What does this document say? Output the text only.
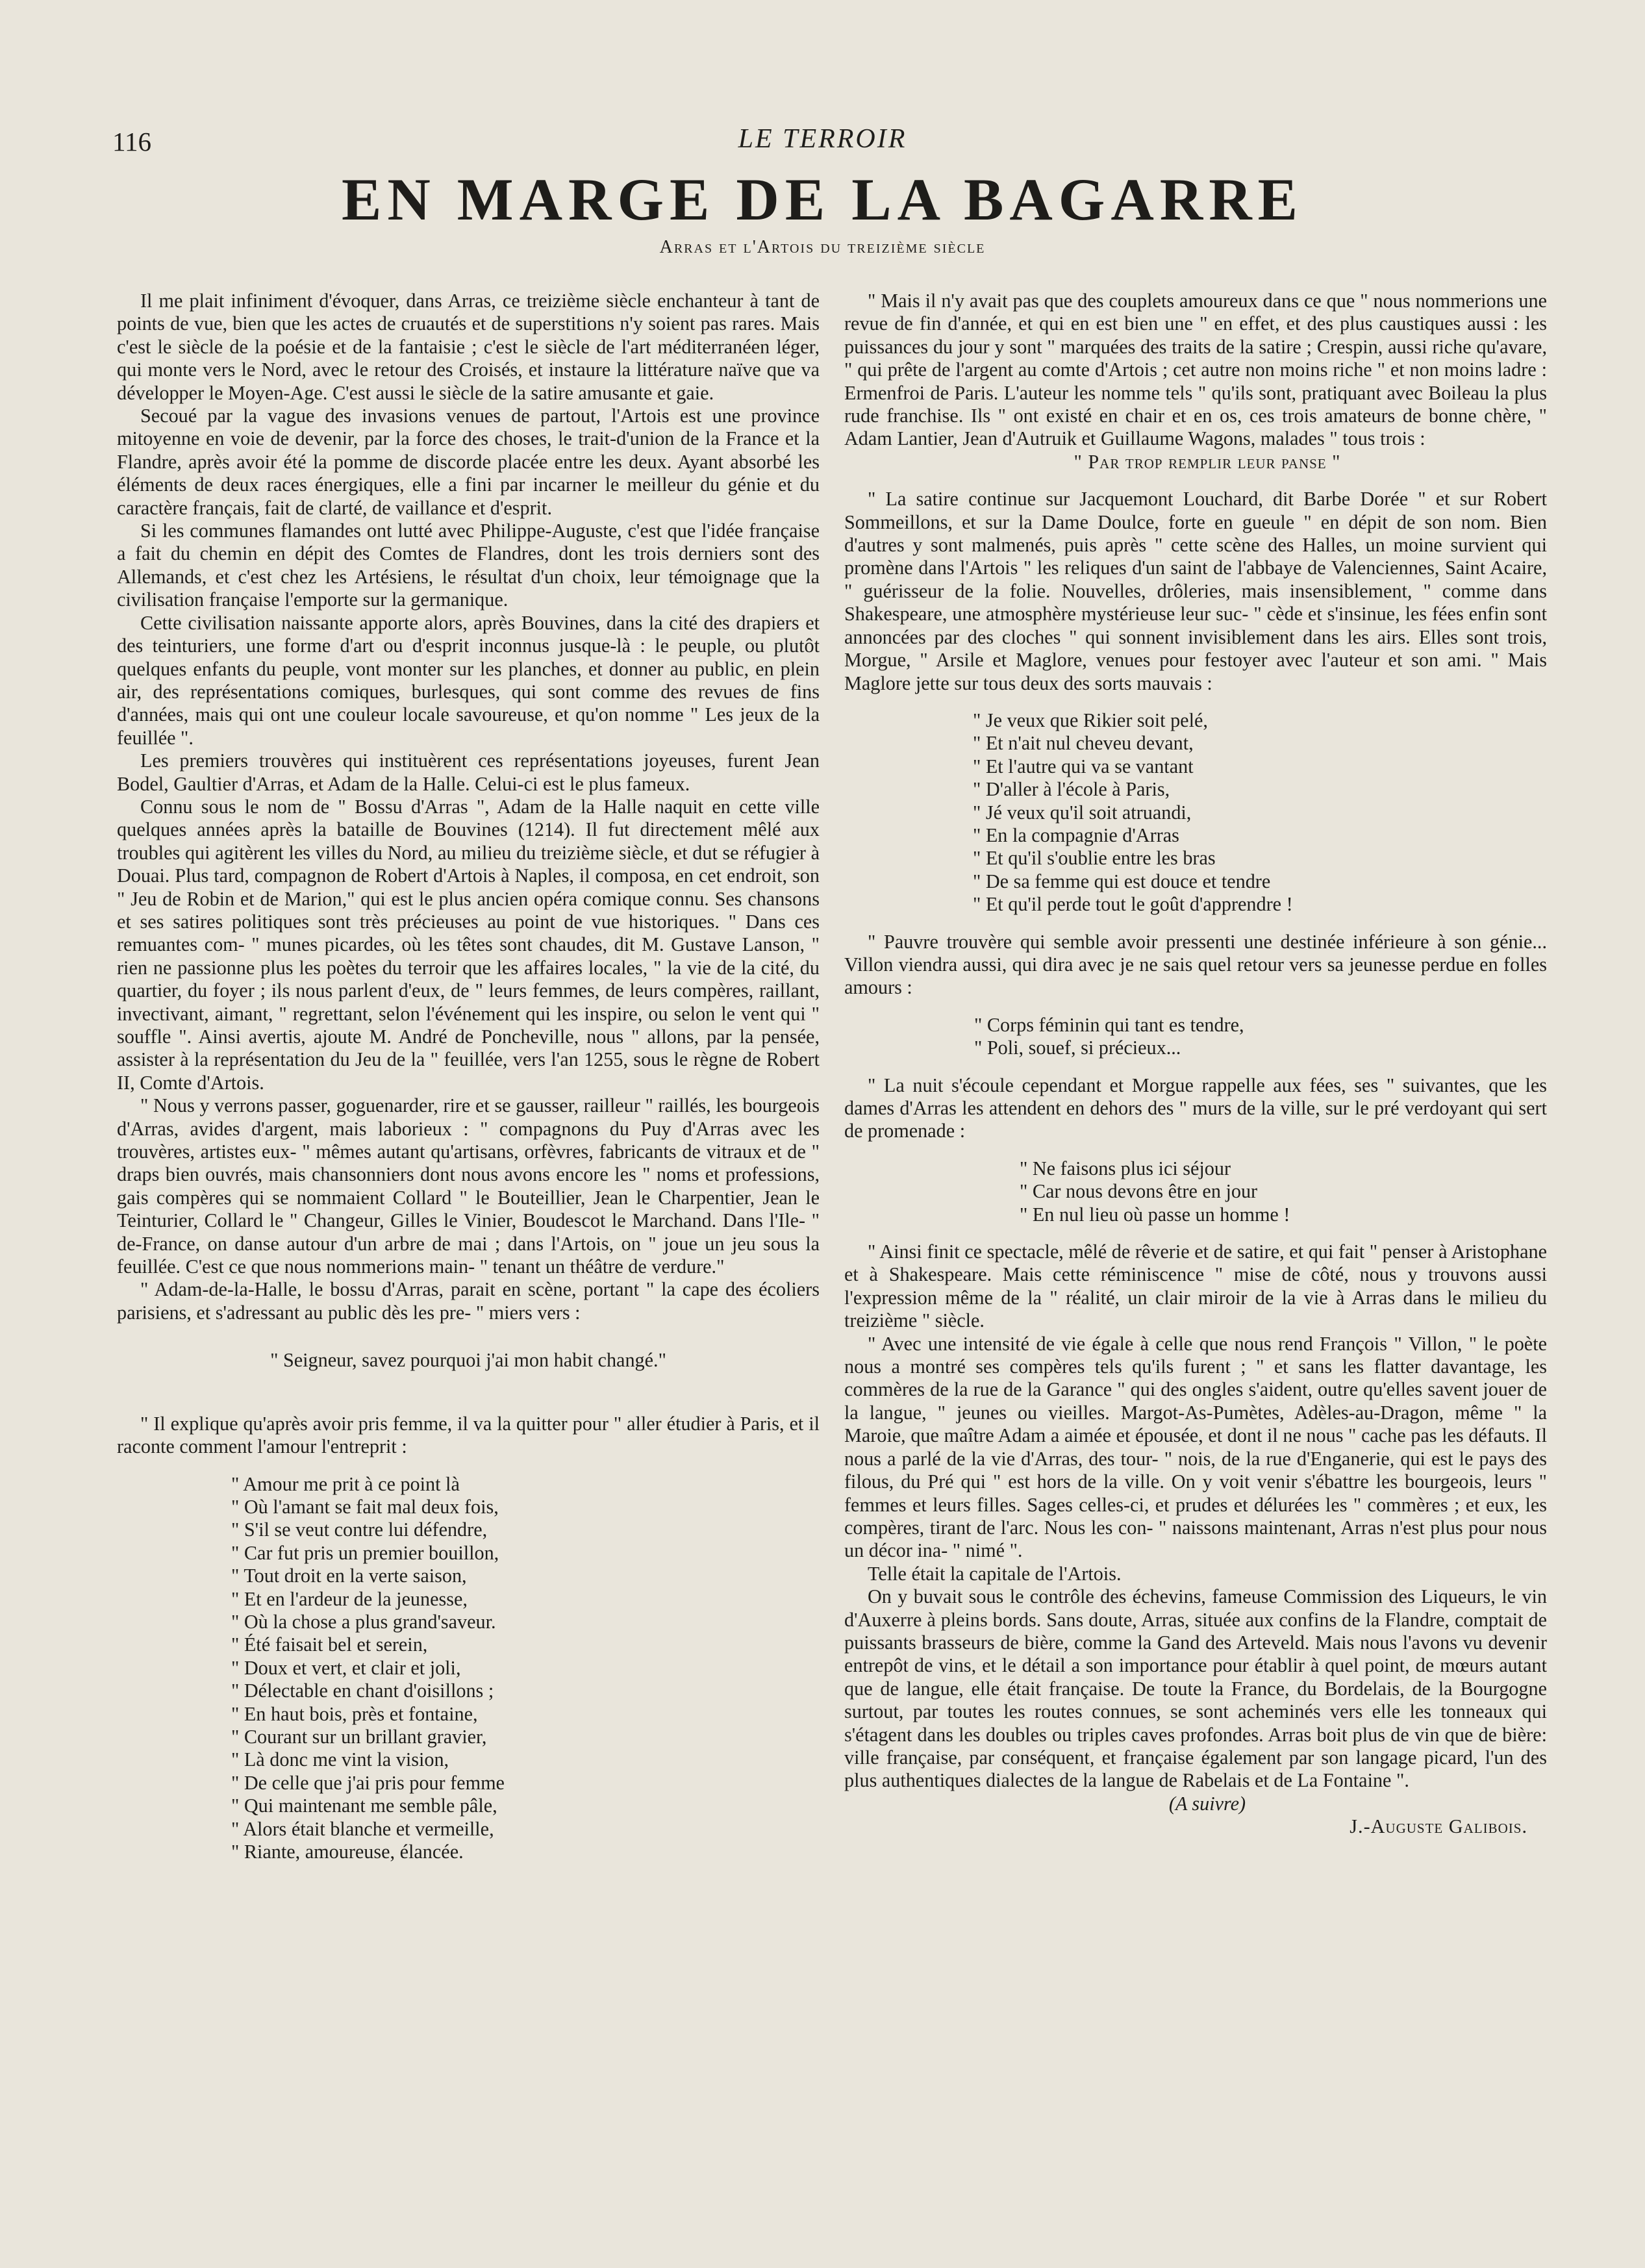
116	LE TERROIR
EN MARGE DE LA BAGARRE
Arras et l'Artois du treizième siècle

Il me plait infiniment d'évoquer, dans Arras, ce treizième siècle enchanteur à tant de points de vue, bien que les actes de cruautés et de superstitions n'y soient pas rares. Mais c'est le siècle de la poésie et de la fantaisie ; c'est le siècle de l'art méditerranéen léger, qui monte vers le Nord, avec le retour des Croisés, et instaure la littérature naïve que va développer le Moyen-Age. C'est aussi le siècle de la satire amusante et gaie.

Secoué par la vague des invasions venues de partout, l'Artois est une province mitoyenne en voie de devenir, par la force des choses, le trait-d'union de la France et la Flandre, après avoir été la pomme de discorde placée entre les deux. Ayant absorbé les éléments de deux races énergiques, elle a fini par incarner le meilleur du génie et du caractère français, fait de clarté, de vaillance et d'esprit.

Si les communes flamandes ont lutté avec Philippe-Auguste, c'est que l'idée française a fait du chemin en dépit des Comtes de Flandres, dont les trois derniers sont des Allemands, et c'est chez les Artésiens, le résultat d'un choix, leur témoignage que la civilisation française l'emporte sur la germanique.

Cette civilisation naissante apporte alors, après Bouvines, dans la cité des drapiers et des teinturiers, une forme d'art ou d'esprit inconnus jusque-là : le peuple, ou plutôt quelques enfants du peuple, vont monter sur les planches, et donner au public, en plein air, des représentations comiques, burlesques, qui sont comme des revues de fins d'années, mais qui ont une couleur locale savoureuse, et qu'on nomme " Les jeux de la feuillée ".

Les premiers trouvères qui instituèrent ces représentations joyeuses, furent Jean Bodel, Gaultier d'Arras, et Adam de la Halle. Celui-ci est le plus fameux.

Connu sous le nom de " Bossu d'Arras ", Adam de la Halle naquit en cette ville quelques années après la bataille de Bouvines (1214). Il fut directement mêlé aux troubles qui agitèrent les villes du Nord, au milieu du treizième siècle, et dut se réfugier à Douai. Plus tard, compagnon de Robert d'Artois à Naples, il composa, en cet endroit, son " Jeu de Robin et de Marion," qui est le plus ancien opéra comique connu. Ses chansons et ses satires politiques sont très précieuses au point de vue historiques. " Dans ces remuantes com- " munes picardes, où les têtes sont chaudes, dit M. Gustave Lanson, " rien ne passionne plus les poètes du terroir que les affaires locales, " la vie de la cité, du quartier, du foyer ; ils nous parlent d'eux, de " leurs femmes, de leurs compères, raillant, invectivant, aimant, " regrettant, selon l'événement qui les inspire, ou selon le vent qui " souffle ". Ainsi avertis, ajoute M. André de Poncheville, nous " allons, par la pensée, assister à la représentation du Jeu de la " feuillée, vers l'an 1255, sous le règne de Robert II, Comte d'Artois.

" Nous y verrons passer, goguenarder, rire et se gausser, railleur " raillés, les bourgeois d'Arras, avides d'argent, mais laborieux : " compagnons du Puy d'Arras avec les trouvères, artistes eux- " mêmes autant qu'artisans, orfèvres, fabricants de vitraux et de " draps bien ouvrés, mais chansonniers dont nous avons encore les " noms et professions, gais compères qui se nommaient Collard " le Bouteillier, Jean le Charpentier, Jean le Teinturier, Collard le " Changeur, Gilles le Vinier, Boudescot le Marchand. Dans l'Ile- " de-France, on danse autour d'un arbre de mai ; dans l'Artois, on " joue un jeu sous la feuillée. C'est ce que nous nommerions main- " tenant un théâtre de verdure."

" Adam-de-la-Halle, le bossu d'Arras, parait en scène, portant " la cape des écoliers parisiens, et s'adressant au public dès les pre- " miers vers :

" Seigneur, savez pourquoi j'ai mon habit changé."

" Il explique qu'après avoir pris femme, il va la quitter pour " aller étudier à Paris, et il raconte comment l'amour l'entreprit :

" Amour me prit à ce point là
" Où l'amant se fait mal deux fois,
" S'il se veut contre lui défendre,
" Car fut pris un premier bouillon,
" Tout droit en la verte saison,
" Et en l'ardeur de la jeunesse,
" Où la chose a plus grand'saveur.
" Été faisait bel et serein,
" Doux et vert, et clair et joli,
" Délectable en chant d'oisillons ;
" En haut bois, près et fontaine,
" Courant sur un brillant gravier,
" Là donc me vint la vision,
" De celle que j'ai pris pour femme
" Qui maintenant me semble pâle,
" Alors était blanche et vermeille,
" Riante, amoureuse, élancée.

" Mais il n'y avait pas que des couplets amoureux dans ce que " nous nommerions une revue de fin d'année, et qui en est bien une " en effet, et des plus caustiques aussi : les puissances du jour y sont " marquées des traits de la satire ; Crespin, aussi riche qu'avare, " qui prête de l'argent au comte d'Artois ; cet autre non moins riche " et non moins ladre : Ermenfroi de Paris. L'auteur les nomme tels " qu'ils sont, pratiquant avec Boileau la plus rude franchise. Ils " ont existé en chair et en os, ces trois amateurs de bonne chère, " Adam Lantier, Jean d'Autruik et Guillaume Wagons, malades " tous trois :

" Par trop remplir leur panse "

" La satire continue sur Jacquemont Louchard, dit Barbe Dorée " et sur Robert Sommeillons, et sur la Dame Doulce, forte en gueule " en dépit de son nom. Bien d'autres y sont malmenés, puis après " cette scène des Halles, un moine survient qui promène dans l'Artois " les reliques d'un saint de l'abbaye de Valenciennes, Saint Acaire, " guérisseur de la folie. Nouvelles, drôleries, mais insensiblement, " comme dans Shakespeare, une atmosphère mystérieuse leur suc- " cède et s'insinue, les fées enfin sont annoncées par des cloches " qui sonnent invisiblement dans les airs. Elles sont trois, Morgue, " Arsile et Maglore, venues pour festoyer avec l'auteur et son ami. " Mais Maglore jette sur tous deux des sorts mauvais :

" Je veux que Rikier soit pelé,
" Et n'ait nul cheveu devant,
" Et l'autre qui va se vantant
" D'aller à l'école à Paris,
" Jé veux qu'il soit atruandi,
" En la compagnie d'Arras
" Et qu'il s'oublie entre les bras
" De sa femme qui est douce et tendre
" Et qu'il perde tout le goût d'apprendre !

" Pauvre trouvère qui semble avoir pressenti une destinée inférieure à son génie... Villon viendra aussi, qui dira avec je ne sais quel retour vers sa jeunesse perdue en folles amours :

" Corps féminin qui tant es tendre,
" Poli, souef, si précieux...

" La nuit s'écoule cependant et Morgue rappelle aux fées, ses " suivantes, que les dames d'Arras les attendent en dehors des " murs de la ville, sur le pré verdoyant qui sert de promenade :

" Ne faisons plus ici séjour
" Car nous devons être en jour
" En nul lieu où passe un homme !

" Ainsi finit ce spectacle, mêlé de rêverie et de satire, et qui fait " penser à Aristophane et à Shakespeare. Mais cette réminiscence " mise de côté, nous y trouvons aussi l'expression même de la " réalité, un clair miroir de la vie à Arras dans le milieu du treizième " siècle.

" Avec une intensité de vie égale à celle que nous rend François " Villon, " le poète nous a montré ses compères tels qu'ils furent ; " et sans les flatter davantage, les commères de la rue de la Garance " qui des ongles s'aident, outre qu'elles savent jouer de la langue, " jeunes ou vieilles. Margot-As-Pumètes, Adèles-au-Dragon, même " la Maroie, que maître Adam a aimée et épousée, et dont il ne nous " cache pas les défauts. Il nous a parlé de la vie d'Arras, des tour- " nois, de la rue d'Enganerie, qui est le pays des filous, du Pré qui " est hors de la ville. On y voit venir s'ébattre les bourgeois, leurs " femmes et leurs filles. Sages celles-ci, et prudes et délurées les " commères ; et eux, les compères, tirant de l'arc. Nous les con- " naissons maintenant, Arras n'est plus pour nous un décor ina- " nimé ".

Telle était la capitale de l'Artois.

On y buvait sous le contrôle des échevins, fameuse Commission des Liqueurs, le vin d'Auxerre à pleins bords. Sans doute, Arras, située aux confins de la Flandre, comptait de puissants brasseurs de bière, comme la Gand des Arteveld. Mais nous l'avons vu devenir entrepôt de vins, et le détail a son importance pour établir à quel point, de mœurs autant que de langue, elle était française. De toute la France, du Bordelais, de la Bourgogne surtout, par toutes les routes connues, se sont acheminés vers elle les tonneaux qui s'étagent dans les doubles ou triples caves profondes. Arras boit plus de vin que de bière: ville française, par conséquent, et française également par son langage picard, l'un des plus authentiques dialectes de la langue de Rabelais et de La Fontaine ".

(A suivre)

J.-Auguste Galibois.
